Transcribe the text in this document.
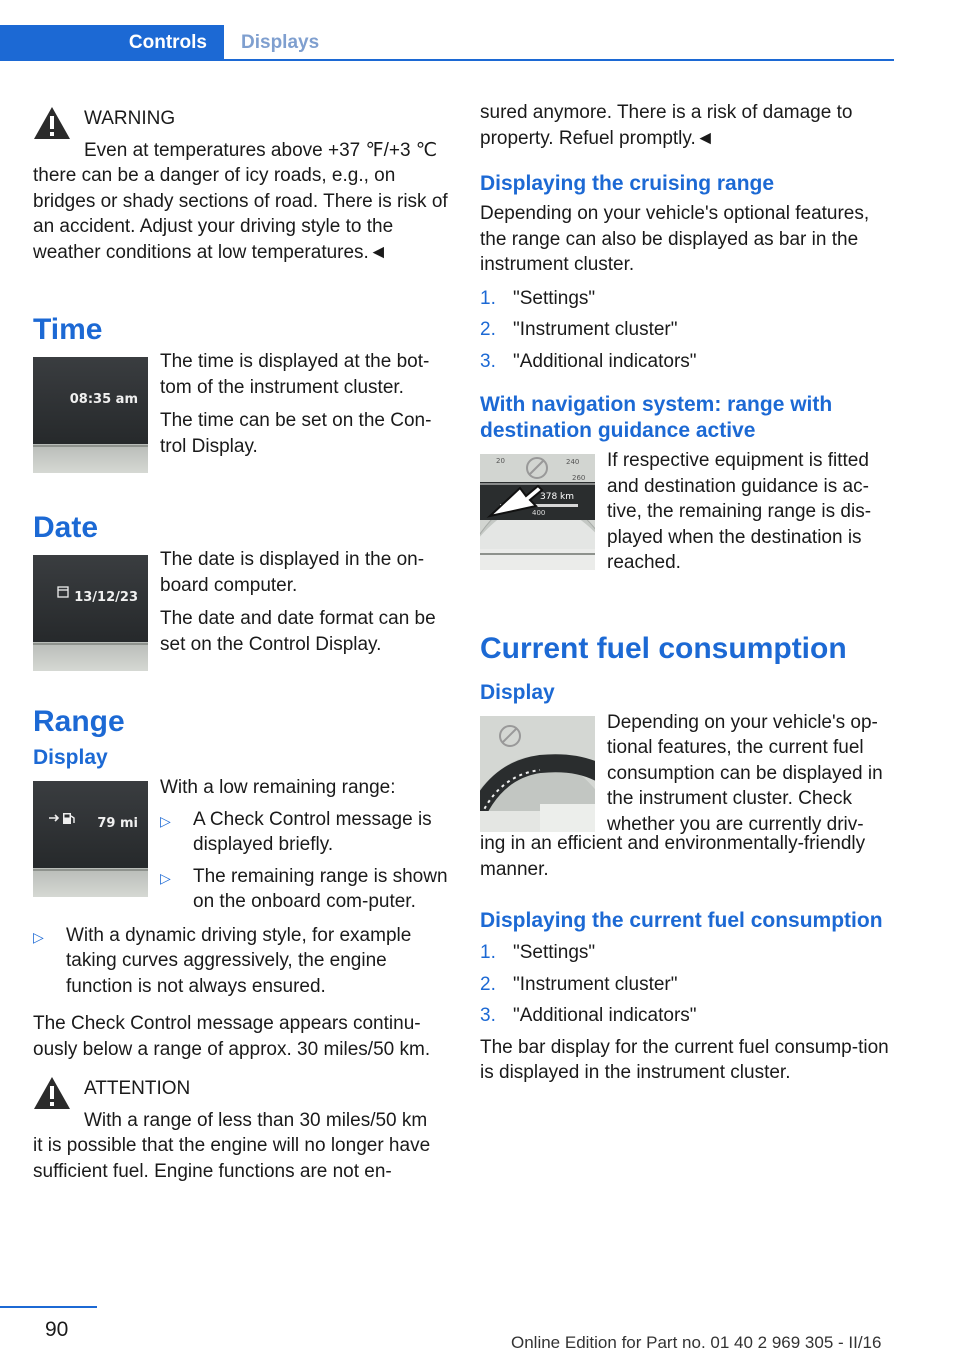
Controls	Displays
WARNING
Even at temperatures above +37 ℉/+3 ℃
there can be a danger of icy roads, e.g., on bridges or shady sections of road. There is risk of an accident. Adjust your driving style to the weather conditions at low temperatures.◄
Time
08:35 am

The time is displayed at the bot-tom of the instrument cluster.

The time can be set on the Con-trol Display.

Date
13/12/23

The date is displayed in the on-board computer.

The date and date format can be set on the Control Display.

Range
Display
79 mi

With a low remaining range:

▷	A Check Control message is displayed briefly.
▷	The remaining range is shown on the onboard com-puter.
▷	With a dynamic driving style, for example taking curves aggressively, the engine function is not always ensured.

The Check Control message appears continu-ously below a range of approx. 30 miles/50 km.

ATTENTION
With a range of less than 30 miles/50 km
it is possible that the engine will no longer have sufficient fuel. Engine functions are not en-

sured anymore. There is a risk of damage to property. Refuel promptly.◄

Displaying the cruising range

Depending on your vehicle's optional features, the range can also be displayed as bar in the instrument cluster.

1. "Settings"
2. "Instrument cluster"
3. "Additional indicators"
With navigation system: range with destination guidance active
20	240
260
378 km
400

If respective equipment is fitted and destination guidance is ac-tive, the remaining range is dis-played when the destination is reached.

Current fuel consumption
Display

Depending on your vehicle's op-tional features, the current fuel consumption can be displayed in the instrument cluster. Check whether you are currently driv-

ing in an efficient and environmentally-friendly manner.

Displaying the current fuel consumption
1. "Settings"
2. "Instrument cluster"
3. "Additional indicators"

The bar display for the current fuel consump-tion is displayed in the instrument cluster.

90
Online Edition for Part no. 01 40 2 969 305 - II/16
